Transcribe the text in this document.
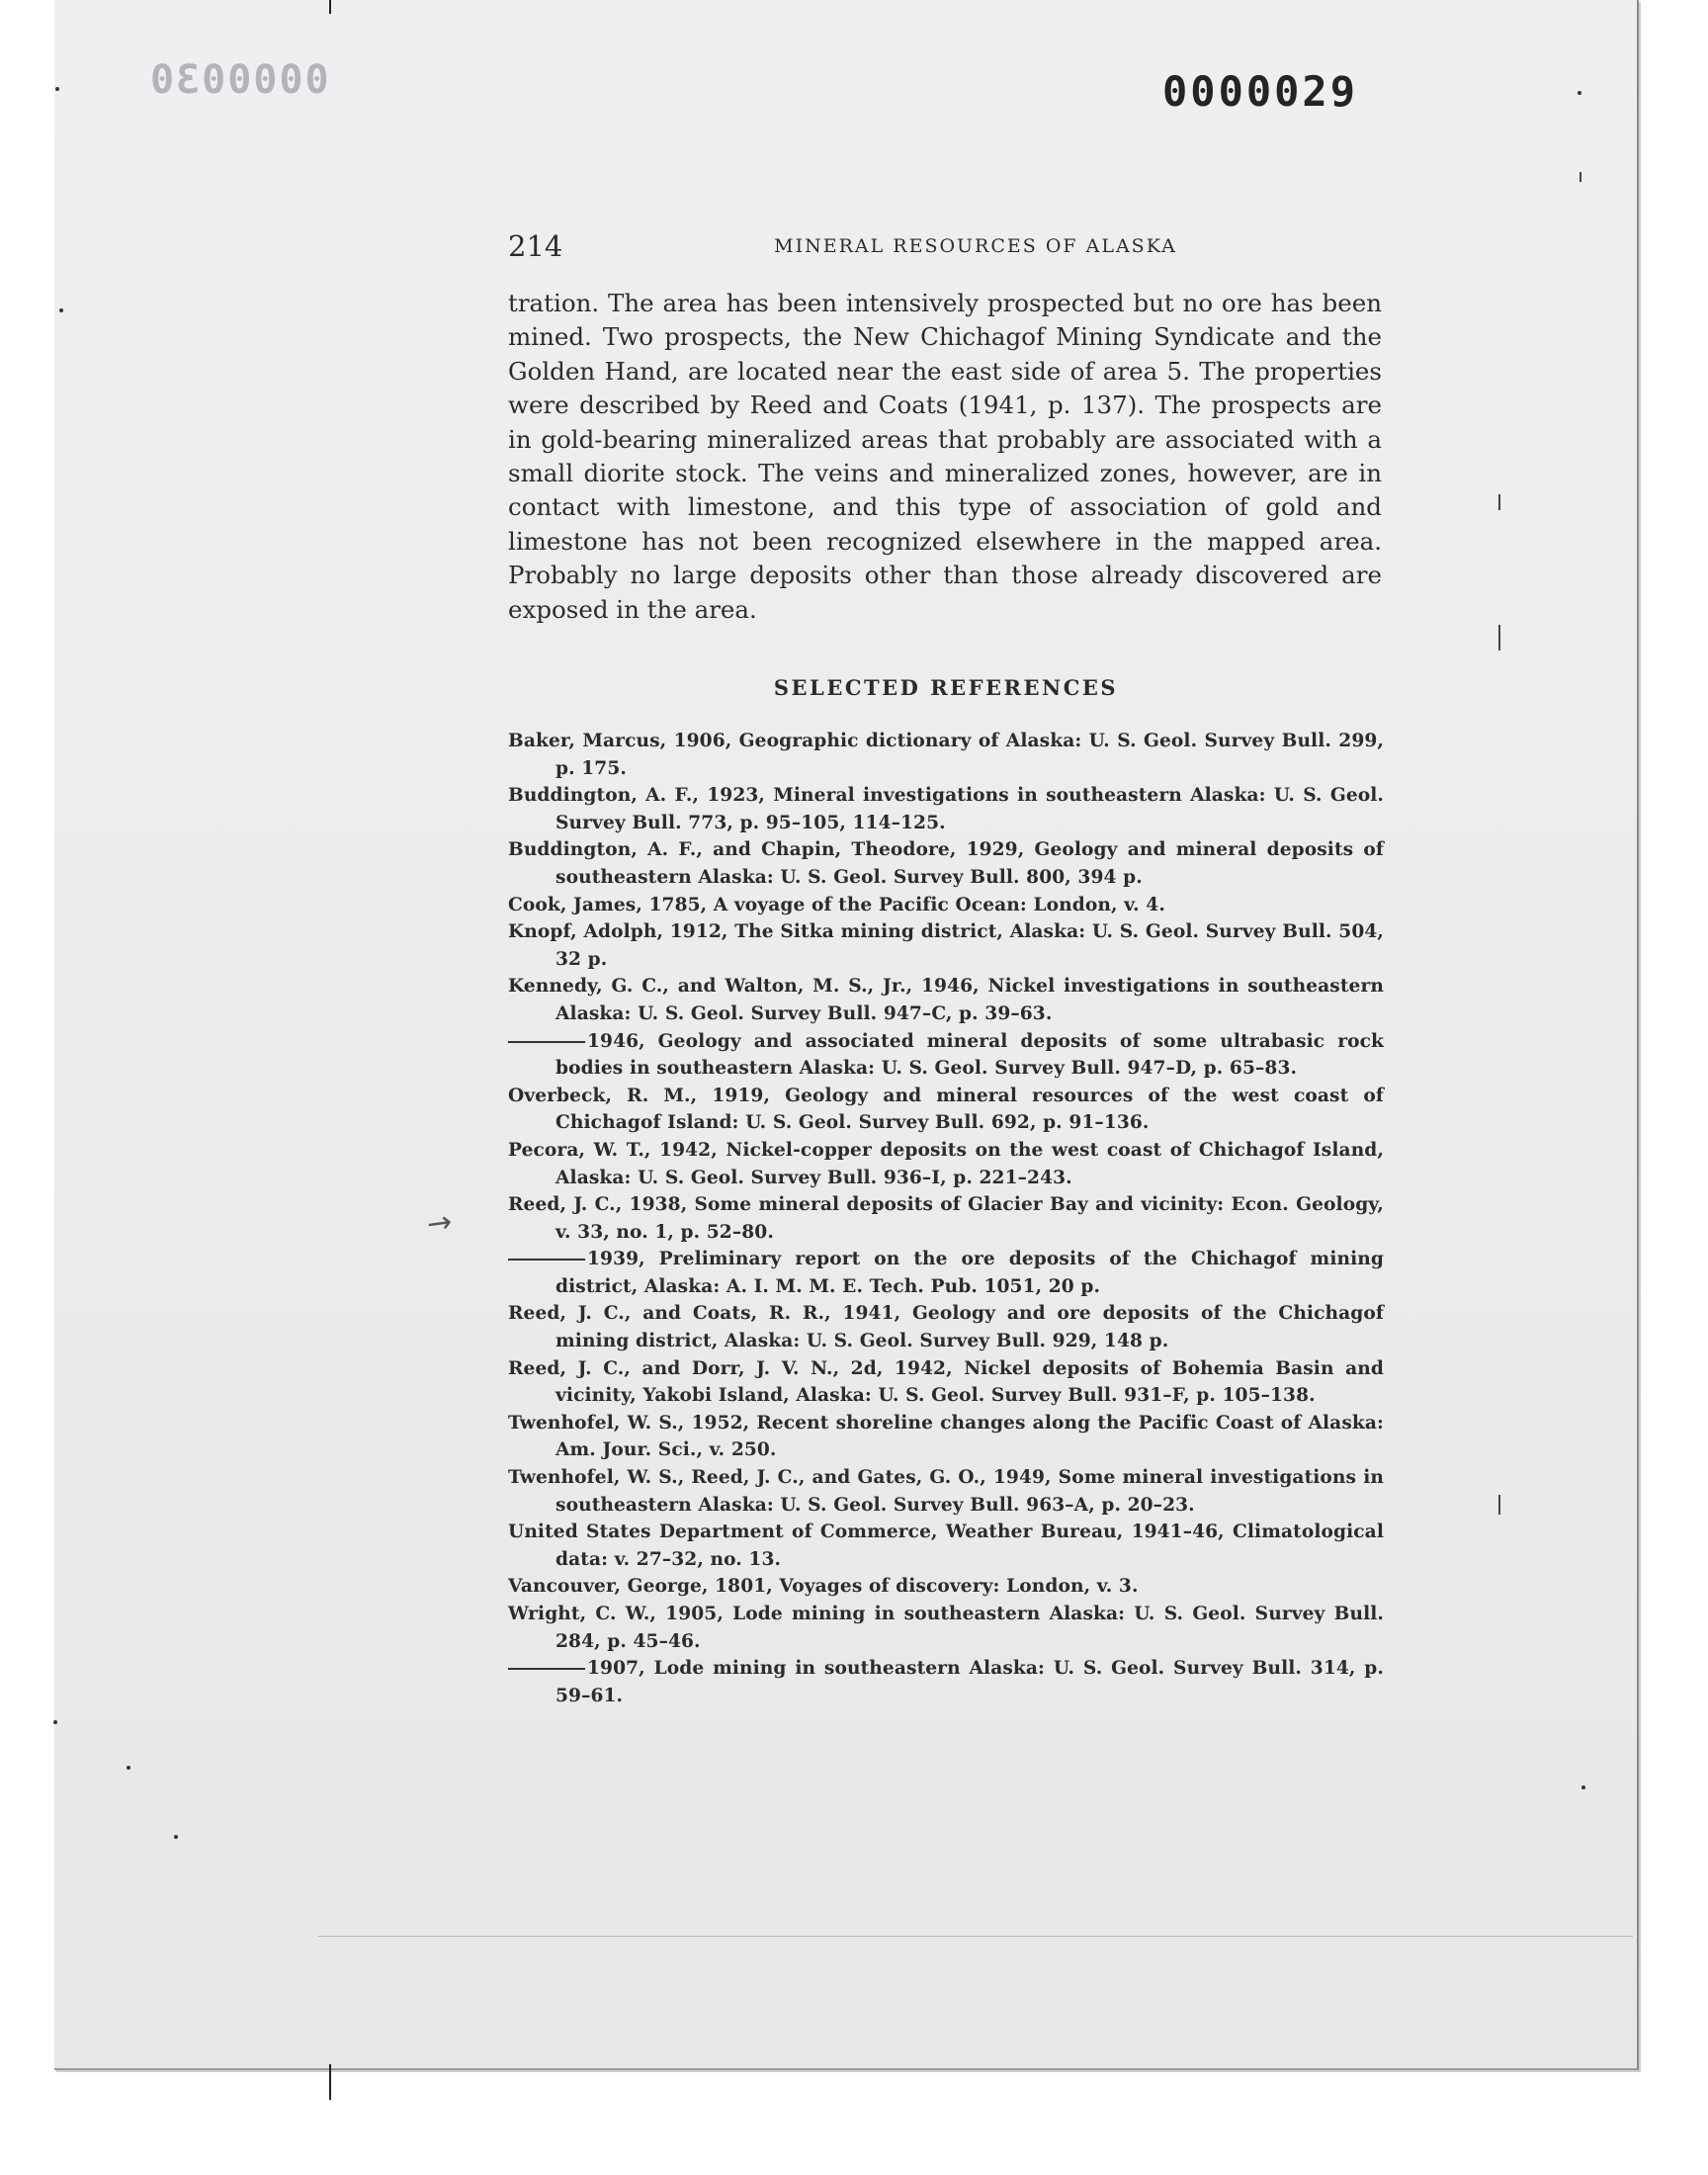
0000030	0000029
214	MINERAL RESOURCES OF ALASKA

tration. The area has been intensively prospected but no ore has been mined. Two prospects, the New Chichagof Mining Syndicate and the Golden Hand, are located near the east side of area 5. The properties were described by Reed and Coats (1941, p. 137). The prospects are in gold-bearing mineralized areas that probably are associated with a small diorite stock. The veins and mineralized zones, however, are in contact with limestone, and this type of association of gold and limestone has not been recognized elsewhere in the mapped area. Probably no large deposits other than those already discovered are exposed in the area.

SELECTED REFERENCES
Baker, Marcus, 1906, Geographic dictionary of Alaska: U. S. Geol. Survey Bull. 299, p. 175.
Buddington, A. F., 1923, Mineral investigations in southeastern Alaska: U. S. Geol. Survey Bull. 773, p. 95–105, 114–125.
Buddington, A. F., and Chapin, Theodore, 1929, Geology and mineral deposits of southeastern Alaska: U. S. Geol. Survey Bull. 800, 394 p.
Cook, James, 1785, A voyage of the Pacific Ocean: London, v. 4.
Knopf, Adolph, 1912, The Sitka mining district, Alaska: U. S. Geol. Survey Bull. 504, 32 p.
Kennedy, G. C., and Walton, M. S., Jr., 1946, Nickel investigations in southeastern Alaska: U. S. Geol. Survey Bull. 947–C, p. 39–63.
1946, Geology and associated mineral deposits of some ultrabasic rock bodies in southeastern Alaska: U. S. Geol. Survey Bull. 947–D, p. 65–83.
Overbeck, R. M., 1919, Geology and mineral resources of the west coast of Chichagof Island: U. S. Geol. Survey Bull. 692, p. 91–136.
Pecora, W. T., 1942, Nickel-copper deposits on the west coast of Chichagof Island, Alaska: U. S. Geol. Survey Bull. 936–I, p. 221–243.
Reed, J. C., 1938, Some mineral deposits of Glacier Bay and vicinity: Econ. Geology, v. 33, no. 1, p. 52–80.
1939, Preliminary report on the ore deposits of the Chichagof mining district, Alaska: A. I. M. M. E. Tech. Pub. 1051, 20 p.
Reed, J. C., and Coats, R. R., 1941, Geology and ore deposits of the Chichagof mining district, Alaska: U. S. Geol. Survey Bull. 929, 148 p.
Reed, J. C., and Dorr, J. V. N., 2d, 1942, Nickel deposits of Bohemia Basin and vicinity, Yakobi Island, Alaska: U. S. Geol. Survey Bull. 931–F, p. 105–138.
Twenhofel, W. S., 1952, Recent shoreline changes along the Pacific Coast of Alaska: Am. Jour. Sci., v. 250.
Twenhofel, W. S., Reed, J. C., and Gates, G. O., 1949, Some mineral investigations in southeastern Alaska: U. S. Geol. Survey Bull. 963–A, p. 20–23.
United States Department of Commerce, Weather Bureau, 1941–46, Climatological data: v. 27–32, no. 13.
Vancouver, George, 1801, Voyages of discovery: London, v. 3.
Wright, C. W., 1905, Lode mining in southeastern Alaska: U. S. Geol. Survey Bull. 284, p. 45–46.
1907, Lode mining in southeastern Alaska: U. S. Geol. Survey Bull. 314, p. 59–61.
→
